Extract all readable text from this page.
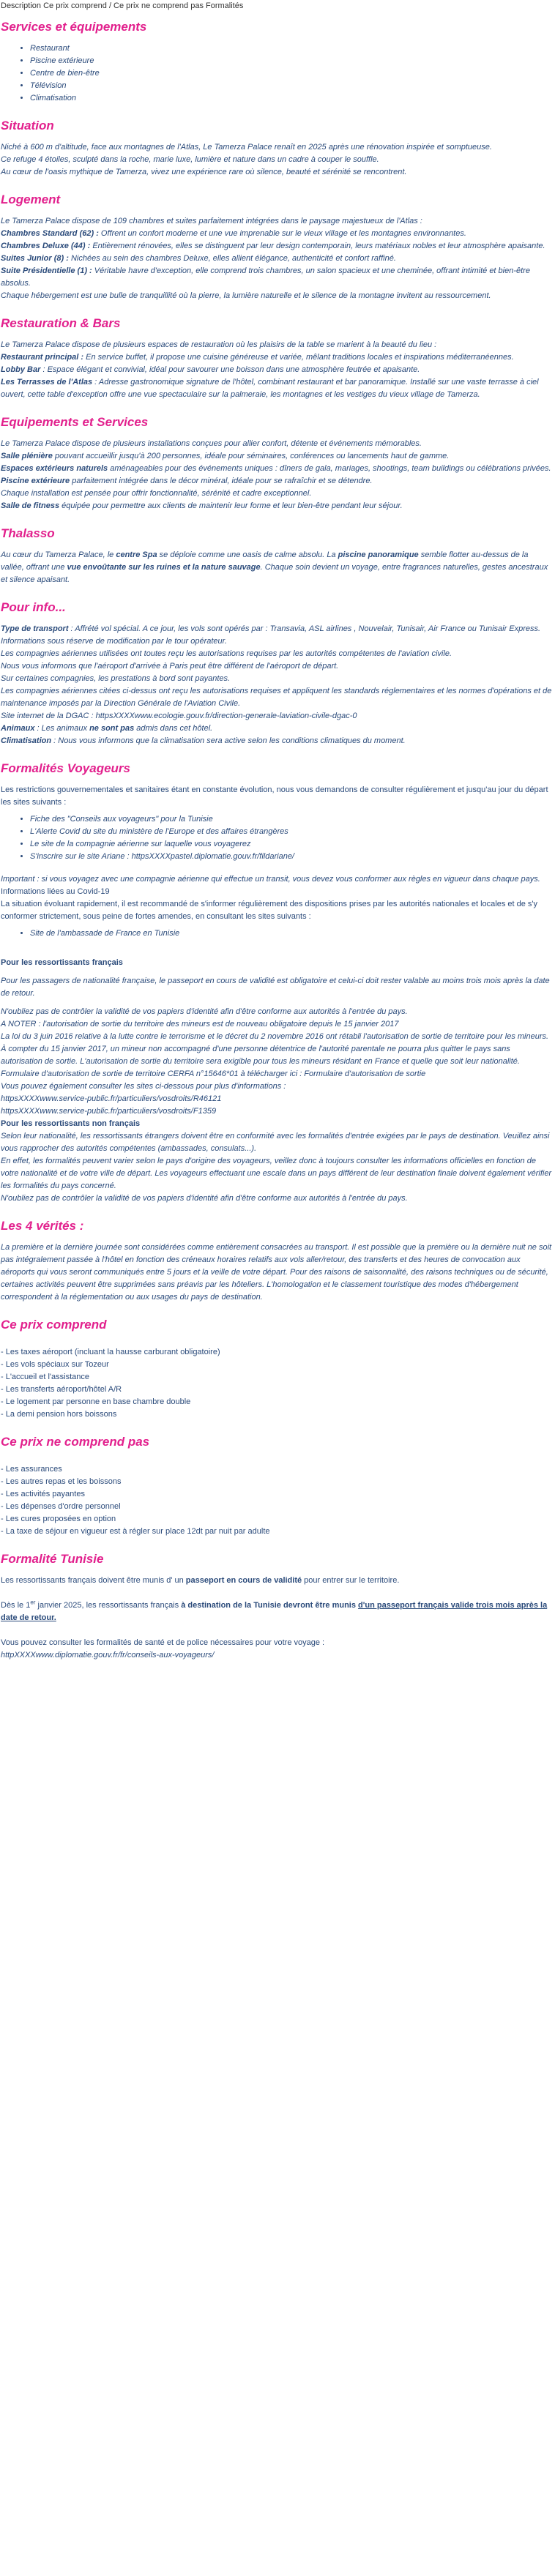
Description Ce prix comprend / Ce prix ne comprend pas Formalités

Services et équipements
• Restaurant
• Piscine extérieure
• Centre de bien-être
• Télévision
• Climatisation
Situation

Niché à 600 m d'altitude, face aux montagnes de l'Atlas, Le Tamerza Palace renaît en 2025 après une rénovation inspirée et somptueuse.

Ce refuge 4 étoiles, sculpté dans la roche, marie luxe, lumière et nature dans un cadre à couper le souffle.

Au cœur de l'oasis mythique de Tamerza, vivez une expérience rare où silence, beauté et sérénité se rencontrent.

Logement

Le Tamerza Palace dispose de 109 chambres et suites parfaitement intégrées dans le paysage majestueux de l'Atlas :

Chambres Standard (62) : Offrent un confort moderne et une vue imprenable sur le vieux village et les montagnes environnantes.

Chambres Deluxe (44) : Entièrement rénovées, elles se distinguent par leur design contemporain, leurs matériaux nobles et leur atmosphère apaisante.

Suites Junior (8) : Nichées au sein des chambres Deluxe, elles allient élégance, authenticité et confort raffiné.

Suite Présidentielle (1) : Véritable havre d'exception, elle comprend trois chambres, un salon spacieux et une cheminée, offrant intimité et bien-être absolus.

Chaque hébergement est une bulle de tranquillité où la pierre, la lumière naturelle et le silence de la montagne invitent au ressourcement.

Restauration & Bars

Le Tamerza Palace dispose de plusieurs espaces de restauration où les plaisirs de la table se marient à la beauté du lieu :

Restaurant principal : En service buffet, il propose une cuisine généreuse et variée, mêlant traditions locales et inspirations méditerranéennes.

Lobby Bar : Espace élégant et convivial, idéal pour savourer une boisson dans une atmosphère feutrée et apaisante.

Les Terrasses de l'Atlas : Adresse gastronomique signature de l'hôtel, combinant restaurant et bar panoramique. Installé sur une vaste terrasse à ciel ouvert, cette table d'exception offre une vue spectaculaire sur la palmeraie, les montagnes et les vestiges du vieux village de Tamerza.

Equipements et Services

Le Tamerza Palace dispose de plusieurs installations conçues pour allier confort, détente et événements mémorables.

Salle plénière pouvant accueillir jusqu'à 200 personnes, idéale pour séminaires, conférences ou lancements haut de gamme.

Espaces extérieurs naturels aménageables pour des événements uniques : dîners de gala, mariages, shootings, team buildings ou célébrations privées.

Piscine extérieure parfaitement intégrée dans le décor minéral, idéale pour se rafraîchir et se détendre.

Chaque installation est pensée pour offrir fonctionnalité, sérénité et cadre exceptionnel.

Salle de fitness équipée pour permettre aux clients de maintenir leur forme et leur bien-être pendant leur séjour.

Thalasso

Au cœur du Tamerza Palace, le centre Spa se déploie comme une oasis de calme absolu. La piscine panoramique semble flotter au-dessus de la vallée, offrant une vue envoûtante sur les ruines et la nature sauvage. Chaque soin devient un voyage, entre fragrances naturelles, gestes ancestraux et silence apaisant.

Pour info...

Type de transport : Affrété vol spécial. A ce jour, les vols sont opérés par : Transavia, ASL airlines , Nouvelair, Tunisair, Air France ou Tunisair Express.

Informations sous réserve de modification par le tour opérateur.

Les compagnies aériennes utilisées ont toutes reçu les autorisations requises par les autorités compétentes de l'aviation civile.

Nous vous informons que l'aéroport d'arrivée à Paris peut être différent de l'aéroport de départ.

Sur certaines compagnies, les prestations à bord sont payantes.

Les compagnies aériennes citées ci-dessus ont reçu les autorisations requises et appliquent les standards réglementaires et les normes d'opérations et de maintenance imposés par la Direction Générale de l'Aviation Civile.

Site internet de la DGAC : httpsXXXXwww.ecologie.gouv.fr/direction-generale-laviation-civile-dgac-0

Animaux : Les animaux ne sont pas admis dans cet hôtel.

Climatisation : Nous vous informons que la climatisation sera active selon les conditions climatiques du moment.

Formalités Voyageurs

Les restrictions gouvernementales et sanitaires étant en constante évolution, nous vous demandons de consulter régulièrement et jusqu'au jour du départ les sites suivants :

• Fiche des "Conseils aux voyageurs" pour la Tunisie
• L'Alerte Covid du site du ministère de l'Europe et des affaires étrangères
• Le site de la compagnie aérienne sur laquelle vous voyagerez
• S'inscrire sur le site Ariane : httpsXXXXpastel.diplomatie.gouv.fr/fildariane/

Important : si vous voyagez avec une compagnie aérienne qui effectue un transit, vous devez vous conformer aux règles en vigueur dans chaque pays.

Informations liées au Covid-19

La situation évoluant rapidement, il est recommandé de s'informer régulièrement des dispositions prises par les autorités nationales et locales et de s'y conformer strictement, sous peine de fortes amendes, en consultant les sites suivants :

• Site de l'ambassade de France en Tunisie

Pour les ressortissants français

Pour les passagers de nationalité française, le passeport en cours de validité est obligatoire et celui-ci doit rester valable au moins trois mois après la date de retour.

N'oubliez pas de contrôler la validité de vos papiers d'identité afin d'être conforme aux autorités à l'entrée du pays.

A NOTER : l'autorisation de sortie du territoire des mineurs est de nouveau obligatoire depuis le 15 janvier 2017

La loi du 3 juin 2016 relative à la lutte contre le terrorisme et le décret du 2 novembre 2016 ont rétabli l'autorisation de sortie de territoire pour les mineurs. À compter du 15 janvier 2017, un mineur non accompagné d'une personne détentrice de l'autorité parentale ne pourra plus quitter le pays sans autorisation de sortie. L'autorisation de sortie du territoire sera exigible pour tous les mineurs résidant en France et quelle que soit leur nationalité.

Formulaire d'autorisation de sortie de territoire CERFA n°15646*01 à télécharger ici : Formulaire d'autorisation de sortie

Vous pouvez également consulter les sites ci-dessous pour plus d'informations :

httpsXXXXwww.service-public.fr/particuliers/vosdroits/R46121

httpsXXXXwww.service-public.fr/particuliers/vosdroits/F1359

Pour les ressortissants non français

Selon leur nationalité, les ressortissants étrangers doivent être en conformité avec les formalités d'entrée exigées par le pays de destination. Veuillez ainsi vous rapprocher des autorités compétentes (ambassades, consulats...).

En effet, les formalités peuvent varier selon le pays d'origine des voyageurs, veillez donc à toujours consulter les informations officielles en fonction de votre nationalité et de votre ville de départ. Les voyageurs effectuant une escale dans un pays différent de leur destination finale doivent également vérifier les formalités du pays concerné.

N'oubliez pas de contrôler la validité de vos papiers d'identité afin d'être conforme aux autorités à l'entrée du pays.

Les 4 vérités :

La première et la dernière journée sont considérées comme entièrement consacrées au transport. Il est possible que la première ou la dernière nuit ne soit pas intégralement passée à l'hôtel en fonction des créneaux horaires relatifs aux vols aller/retour, des transferts et des heures de convocation aux aéroports qui vous seront communiqués entre 5 jours et la veille de votre départ. Pour des raisons de saisonnalité, des raisons techniques ou de sécurité, certaines activités peuvent être supprimées sans préavis par les hôteliers. L'homologation et le classement touristique des modes d'hébergement correspondent à la réglementation ou aux usages du pays de destination.

Ce prix comprend

- Les taxes aéroport (incluant la hausse carburant obligatoire)

- Les vols spéciaux sur Tozeur

- L'accueil et l'assistance

- Les transferts aéroport/hôtel A/R

- Le logement par personne en base chambre double

- La demi pension hors boissons

Ce prix ne comprend pas

- Les assurances

- Les autres repas et les boissons

- Les activités payantes

- Les dépenses d'ordre personnel

- Les cures proposées en option

- La taxe de séjour en vigueur est à régler sur place 12dt par nuit par adulte

Formalité Tunisie

Les ressortissants français doivent être munis d' un passeport en cours de validité pour entrer sur le territoire.

Dès le 1er janvier 2025, les ressortissants français à destination de la Tunisie devront être munis d'un passeport français valide trois mois après la date de retour.

Vous pouvez consulter les formalités de santé et de police nécessaires pour votre voyage :

httpXXXXwww.diplomatie.gouv.fr/fr/conseils-aux-voyageurs/
